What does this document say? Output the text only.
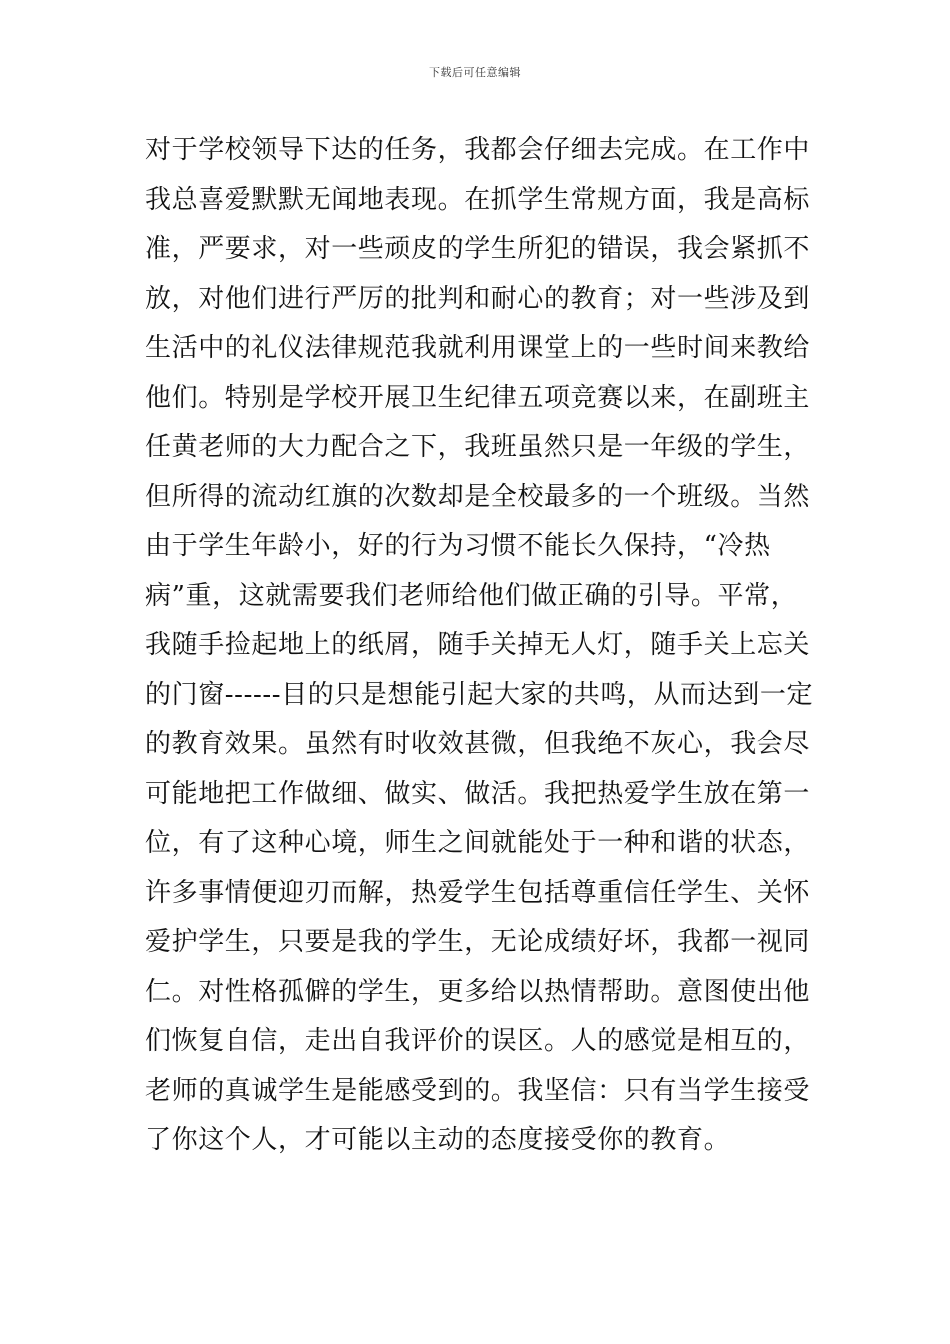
下载后可任意编辑
对于学校领导下达的任务，我都会仔细去完成。在工作中
我总喜爱默默无闻地表现。在抓学生常规方面，我是高标
准，严要求，对一些顽皮的学生所犯的错误，我会紧抓不
放，对他们进行严厉的批判和耐心的教育；对一些涉及到
生活中的礼仪法律规范我就利用课堂上的一些时间来教给
他们。特别是学校开展卫生纪律五项竞赛以来，在副班主
任黄老师的大力配合之下，我班虽然只是一年级的学生，
但所得的流动红旗的次数却是全校最多的一个班级。当然
由于学生年龄小，好的行为习惯不能长久保持，“冷热
病”重，这就需要我们老师给他们做正确的引导。平常，
我随手捡起地上的纸屑，随手关掉无人灯，随手关上忘关
的门窗------目的只是想能引起大家的共鸣，从而达到一定
的教育效果。虽然有时收效甚微，但我绝不灰心，我会尽
可能地把工作做细、做实、做活。我把热爱学生放在第一
位，有了这种心境，师生之间就能处于一种和谐的状态，
许多事情便迎刃而解，热爱学生包括尊重信任学生、关怀
爱护学生，只要是我的学生，无论成绩好坏，我都一视同
仁。对性格孤僻的学生，更多给以热情帮助。意图使出他
们恢复自信，走出自我评价的误区。人的感觉是相互的，
老师的真诚学生是能感受到的。我坚信：只有当学生接受
了你这个人，才可能以主动的态度接受你的教育。
